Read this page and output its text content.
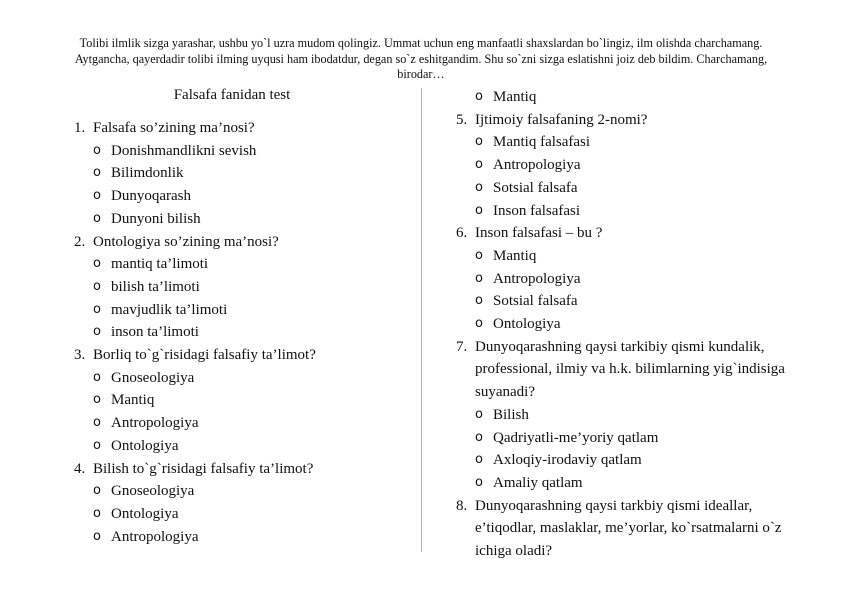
Tolibi ilmlik sizga yarashar, ushbu yo`l uzra mudom qolingiz. Ummat uchun eng manfaatli shaxslardan bo`lingiz, ilm olishda charchamang. Aytgancha, qayerdadir tolibi ilming uyqusi ham ibodatdur, degan so`z eshitgandim. Shu so`zni sizga eslatishni joiz deb bildim. Charchamang, birodar…
Falsafa fanidan test
1. Falsafa so’zining ma’nosi?
o Donishmandlikni sevish
o Bilimdonlik
o Dunyoqarash
o Dunyoni bilish
2. Ontologiya so’zining ma’nosi?
o mantiq ta’limoti
o bilish ta’limoti
o mavjudlik ta’limoti
o inson ta’limoti
3. Borliq to`g`risidagi falsafiy ta’limot?
o Gnoseologiya
o Mantiq
o Antropologiya
o Ontologiya
4. Bilish to`g`risidagi falsafiy ta’limot?
o Gnoseologiya
o Ontologiya
o Antropologiya
o Mantiq
5. Ijtimoiy falsafaning 2-nomi?
o Mantiq falsafasi
o Antropologiya
o Sotsial falsafa
o Inson falsafasi
6. Inson falsafasi – bu ?
o Mantiq
o Antropologiya
o Sotsial falsafa
o Ontologiya
7. Dunyoqarashning qaysi tarkibiy qismi kundalik, professional, ilmiy va h.k. bilimlarning yig`indisiga suyanadi?
o Bilish
o Qadriyatli-me’yoriy qatlam
o Axloqiy-irodaviy qatlam
o Amaliy qatlam
8. Dunyoqarashning qaysi tarkbiy qismi ideallar, e’tiqodlar, maslaklar, me’yorlar, ko`rsatmalarni o`z ichiga oladi?
